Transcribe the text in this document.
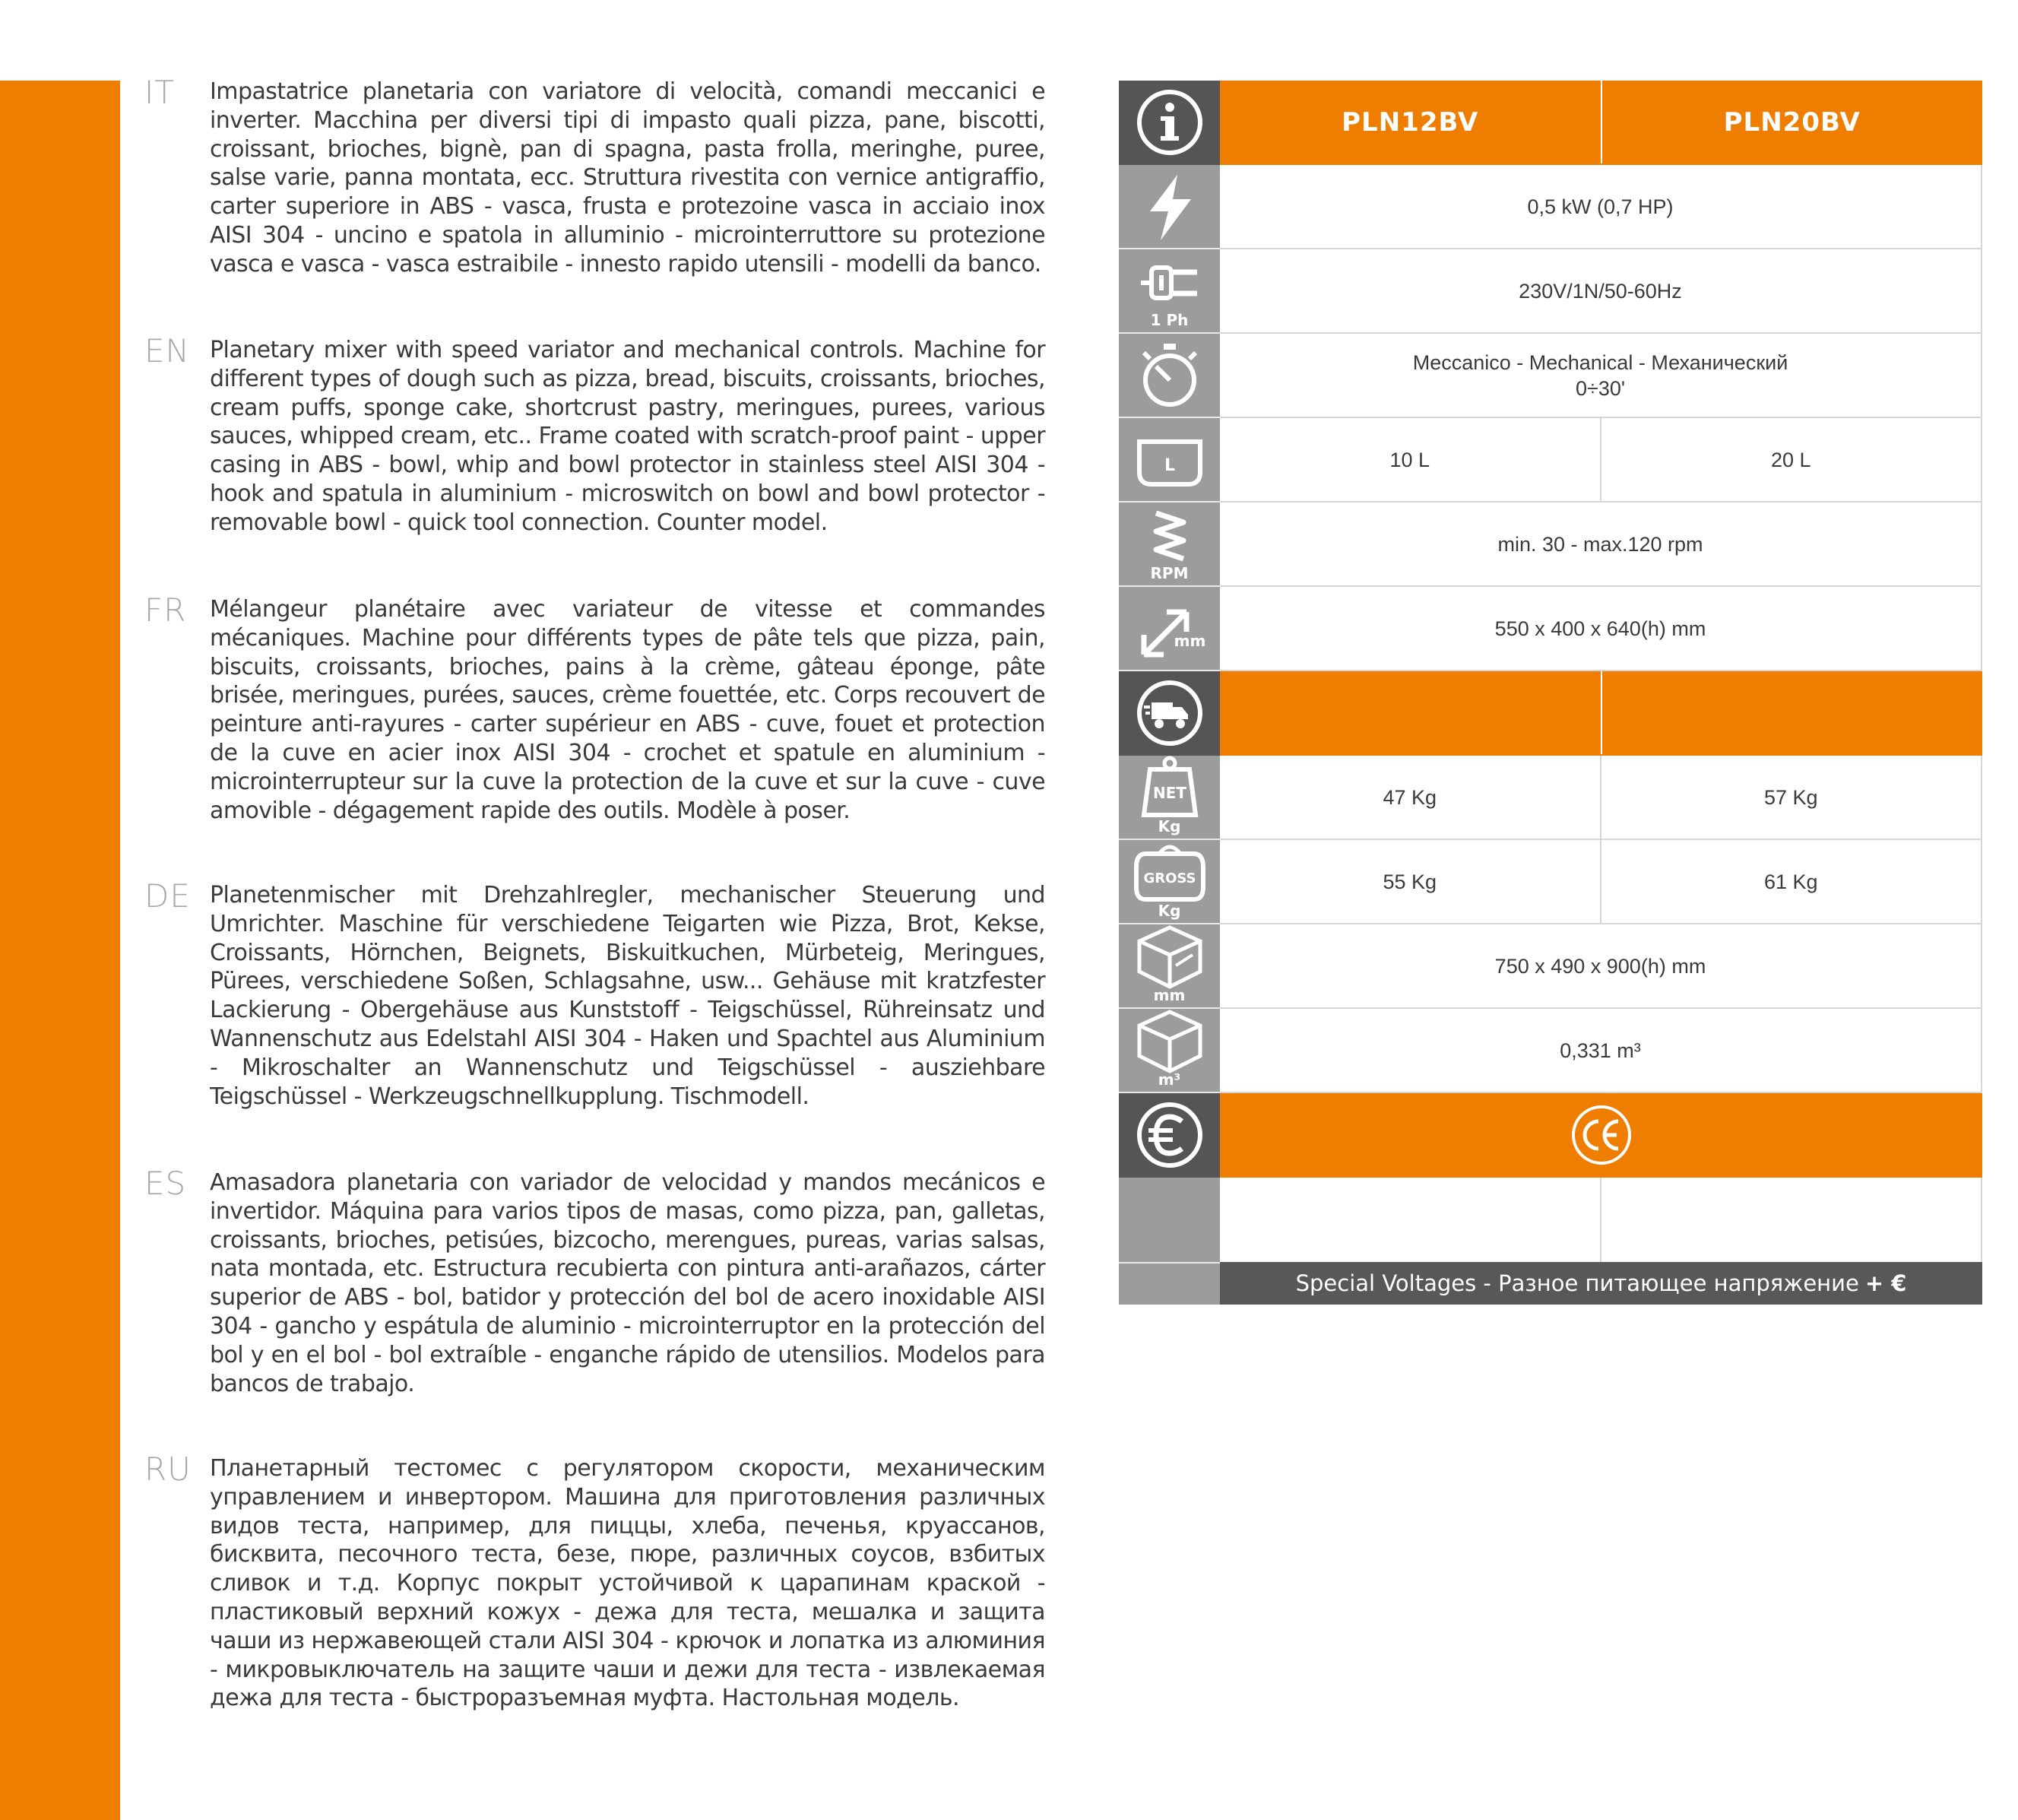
IT	Impastatrice planetaria con variatore di velocità, comandi meccanici e inverter. Macchina per diversi tipi di impasto quali pizza, pane, biscotti, croissant, brioches, bignè, pan di spagna, pasta frolla, meringhe, puree, salse varie, panna montata, ecc. Struttura rivestita con vernice antigraffio, carter superiore in ABS - vasca, frusta e protezoine vasca in acciaio inox AISI 304 - uncino e spatola in alluminio - microinterruttore su protezione vasca e vasca - vasca estraibile - innesto rapido utensili - modelli da banco.
EN Planetary mixer with speed variator and mechanical controls. Machine for different types of dough such as pizza, bread, biscuits, croissants, brioches, cream puffs, sponge cake, shortcrust pastry, meringues, purees, various sauces, whipped cream, etc.. Frame coated with scratch-proof paint - upper casing in ABS - bowl, whip and bowl protector in stainless steel AISI 304 - hook and spatula in aluminium - microswitch on bowl and bowl protector - removable bowl - quick tool connection. Counter model.
FR	Mélangeur planétaire avec variateur de vitesse et commandes mécaniques. Machine pour différents types de pâte tels que pizza, pain, biscuits, croissants, brioches, pains à la crème, gâteau éponge, pâte brisée, meringues, purées, sauces, crème fouettée, etc. Corps recouvert de peinture anti-rayures - carter supérieur en ABS - cuve, fouet et protection de la cuve en acier inox AISI 304 - crochet et spatule en aluminium - microinterrupteur sur la cuve la protection de la cuve et sur la cuve - cuve amovible - dégagement rapide des outils. Modèle à poser.
DE Planetenmischer mit Drehzahlregler, mechanischer Steuerung und Umrichter. Maschine für verschiedene Teigarten wie Pizza, Brot, Kekse, Croissants, Hörnchen, Beignets, Biskuitkuchen, Mürbeteig, Meringues, Pürees, verschiedene Soßen, Schlagsahne, usw... Gehäuse mit kratzfester Lackierung - Obergehäuse aus Kunststoff - Teigschüssel, Rühreinsatz und Wannenschutz aus Edelstahl AISI 304 - Haken und Spachtel aus Aluminium - Mikroschalter an Wannenschutz und Teigschüssel - ausziehbare Teigschüssel - Werkzeugschnellkupplung. Tischmodell.
ES	Amasadora planetaria con variador de velocidad y mandos mecánicos e invertidor. Máquina para varios tipos de masas, como pizza, pan, galletas, croissants, brioches, petisúes, bizcocho, merengues, pureas, varias salsas, nata montada, etc. Estructura recubierta con pintura anti-arañazos, cárter superior de ABS - bol, batidor y protección del bol de acero inoxidable AISI 304 - gancho y espátula de aluminio - microinterruptor en la protección del bol y en el bol - bol extraíble - enganche rápido de utensilios. Modelos para bancos de trabajo.
RU Планетарный тестомес с регулятором скорости, механическим управлением и инвертором. Машина для приготовления различных видов теста, например, для пиццы, хлеба, печенья, круассанов, бисквита, песочного теста, безе, пюре, различных соусов, взбитых сливок и т.д. Корпус покрыт устойчивой к царапинам краской - пластиковый верхний кожух - дежа для теста, мешалка и защита чаши из нержавеющей стали AISI 304 - крючок и лопатка из алюминия - микровыключатель на защите чаши и дежи для теста - извлекаемая дежа для теста - быстроразъемная муфта. Настольная модель.
PLN12BV	PLN20BV
0,5 kW (0,7 HP)
1 Ph
230V/1N/50-60Hz
Meccanico - Mechanical - Механический
0÷30'
L	10 L	20 L
RPM
min. 30 - max.120 rpm
mm
550 x 400 x 640(h) mm
NET
Kg
47 Kg	57 Kg
GROSS
Kg
55 Kg	61 Kg
mm
750 x 490 x 900(h) mm
m³
0,331 m³
Special Voltages - Разное питающее напряжение + €
